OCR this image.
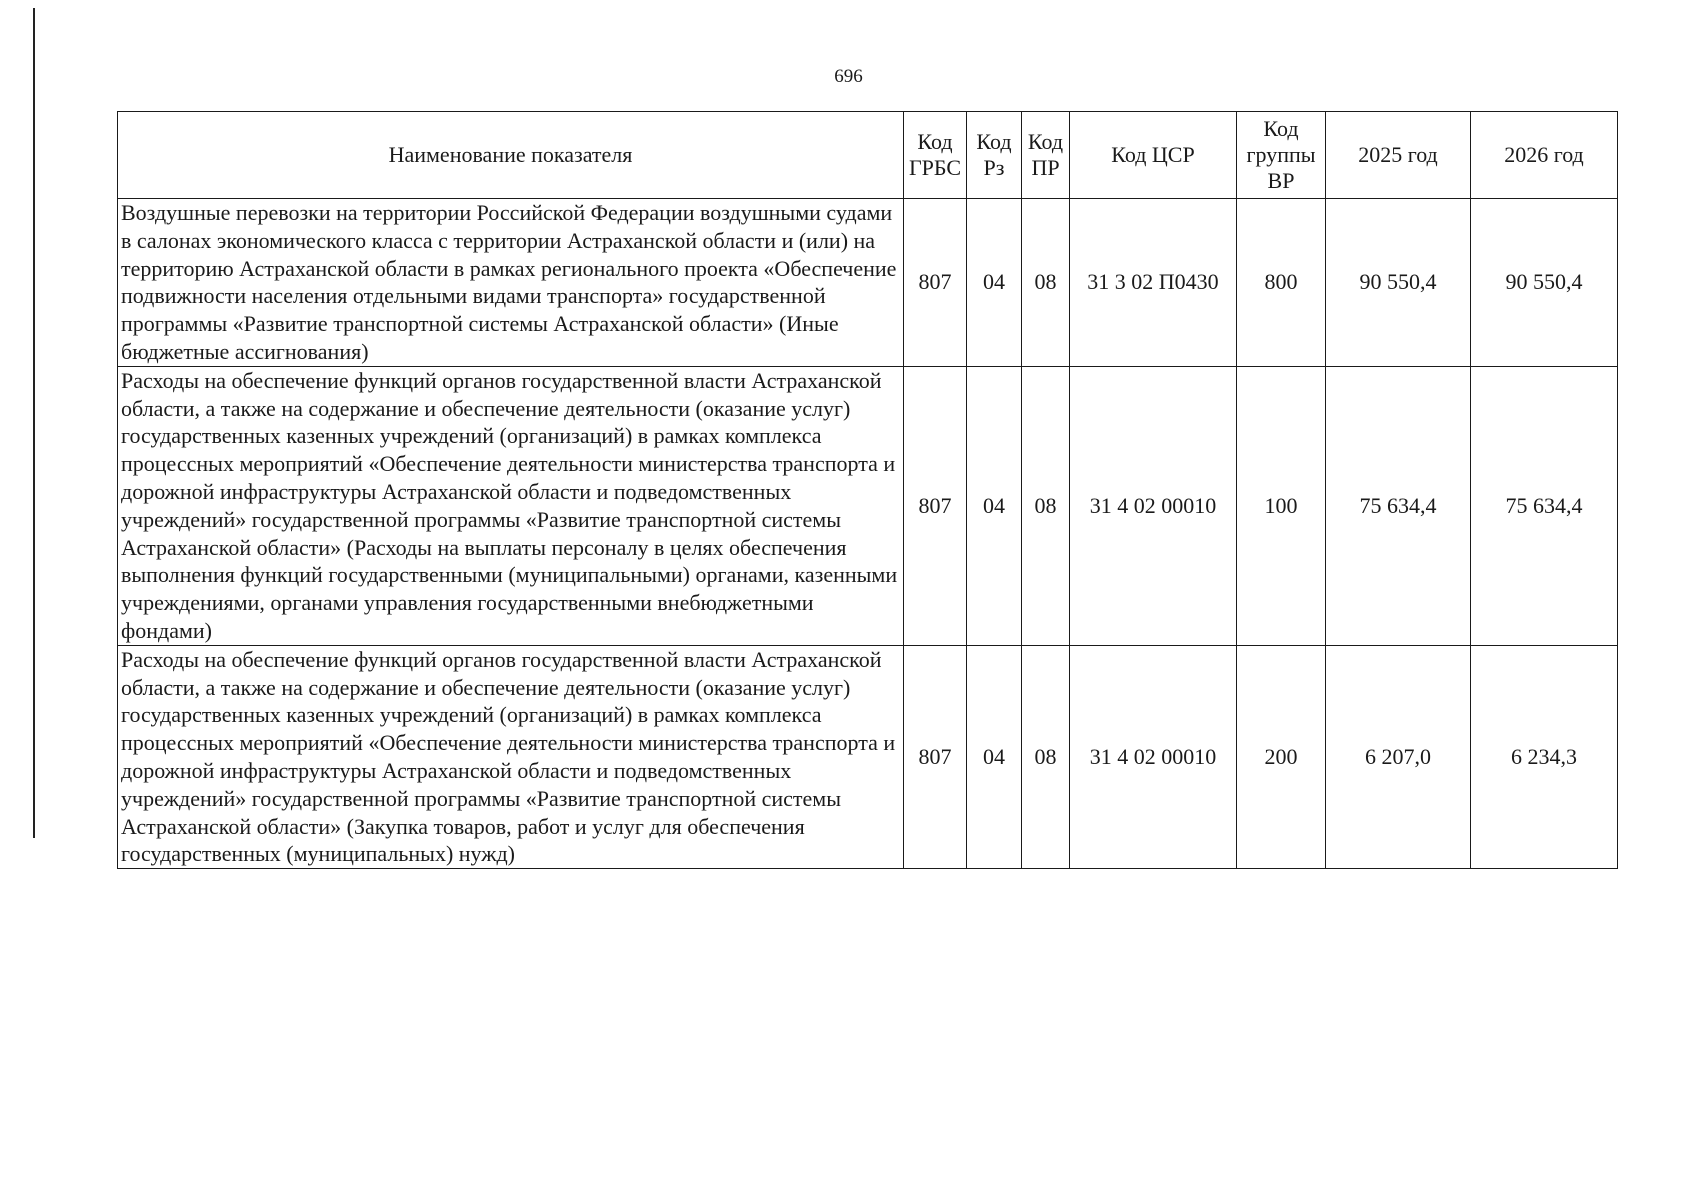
696
Наименование показателя	Код ГРБС	Код Рз	Код ПР	Код ЦСР	Код группы ВР	2025 год	2026 год
Воздушные перевозки на территории Российской Федерации воздушными судами в салонах экономического класса с территории Астраханской области и (или) на территорию Астраханской области в рамках регионального проекта «Обеспечение подвижности населения отдельными видами транспорта» государственной программы «Развитие транспортной системы Астраханской области» (Иные бюджетные ассигнования)	807	04	08	31 3 02 П0430	800	90 550,4	90 550,4
Расходы на обеспечение функций органов государственной власти Астраханской области, а также на содержание и обеспечение деятельности (оказание услуг) государственных казенных учреждений (организаций) в рамках комплекса процессных мероприятий «Обеспечение деятельности министерства транспорта и дорожной инфраструктуры Астраханской области и подведомственных учреждений» государственной программы «Развитие транспортной системы Астраханской области» (Расходы на выплаты персоналу в целях обеспечения выполнения функций государственными (муниципальными) органами, казенными учреждениями, органами управления государственными внебюджетными фондами)	807	04	08	31 4 02 00010	100	75 634,4	75 634,4
Расходы на обеспечение функций органов государственной власти Астраханской области, а также на содержание и обеспечение деятельности (оказание услуг) государственных казенных учреждений (организаций) в рамках комплекса процессных мероприятий «Обеспечение деятельности министерства транспорта и дорожной инфраструктуры Астраханской области и подведомственных учреждений» государственной программы «Развитие транспортной системы Астраханской области» (Закупка товаров, работ и услуг для обеспечения государственных (муниципальных) нужд)	807	04	08	31 4 02 00010	200	6 207,0	6 234,3
